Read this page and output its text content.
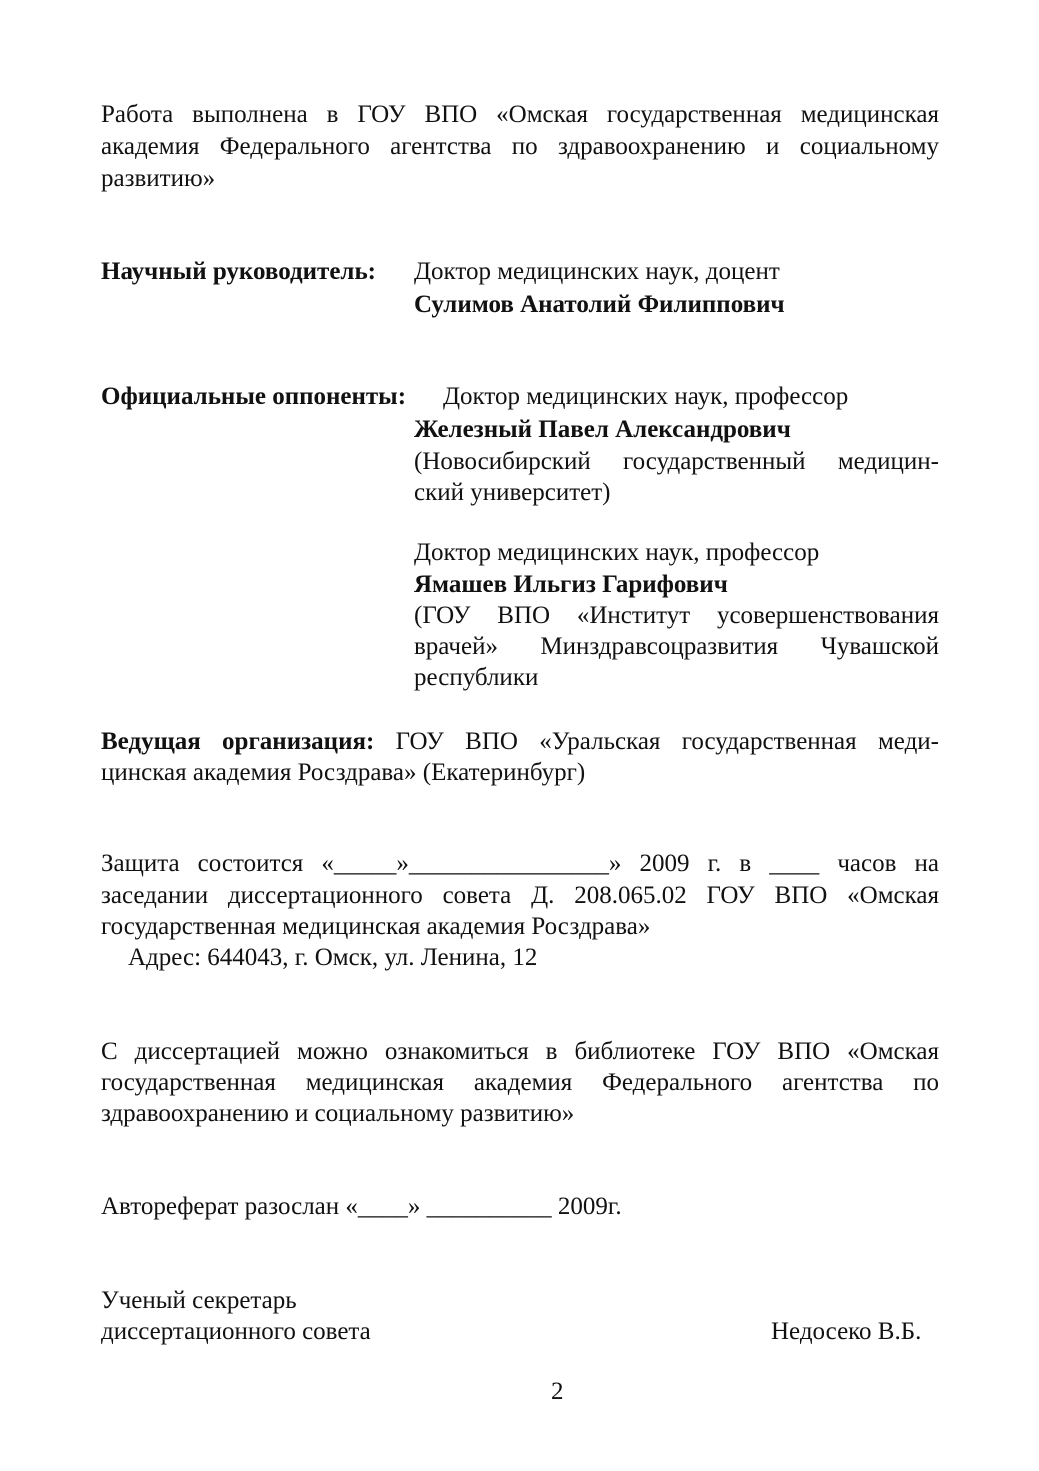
Работа выполнена в ГОУ ВПО «Омская государственная медицинская
академия Федерального агентства по здравоохранению и социальному
развитию»
Научный руководитель: Доктор медицинских наук, доцент
Сулимов Анатолий Филиппович
Официальные оппоненты: Доктор медицинских наук, профессор
Железный Павел Александрович
(Новосибирский государственный медицин-
ский университет)
Доктор медицинских наук, профессор
Ямашев Ильгиз Гарифович
(ГОУ ВПО «Институт усовершенствования
врачей» Минздравсоцразвития Чувашской
республики
Ведущая организация: ГОУ ВПО «Уральская государственная меди-
цинская академия Росздрава» (Екатеринбург)
Защита состоится «_____»________________» 2009 г. в ____ часов на
заседании диссертационного совета Д. 208.065.02 ГОУ ВПО «Омская
государственная медицинская академия Росздрава»
Адрес: 644043, г. Омск, ул. Ленина, 12
С диссертацией можно ознакомиться в библиотеке ГОУ ВПО «Омская
государственная медицинская академия Федерального агентства по
здравоохранению и социальному развитию»
Автореферат разослан «____» __________ 2009г.
Ученый секретарь
диссертационного совета	Недосеко В.Б.
2
